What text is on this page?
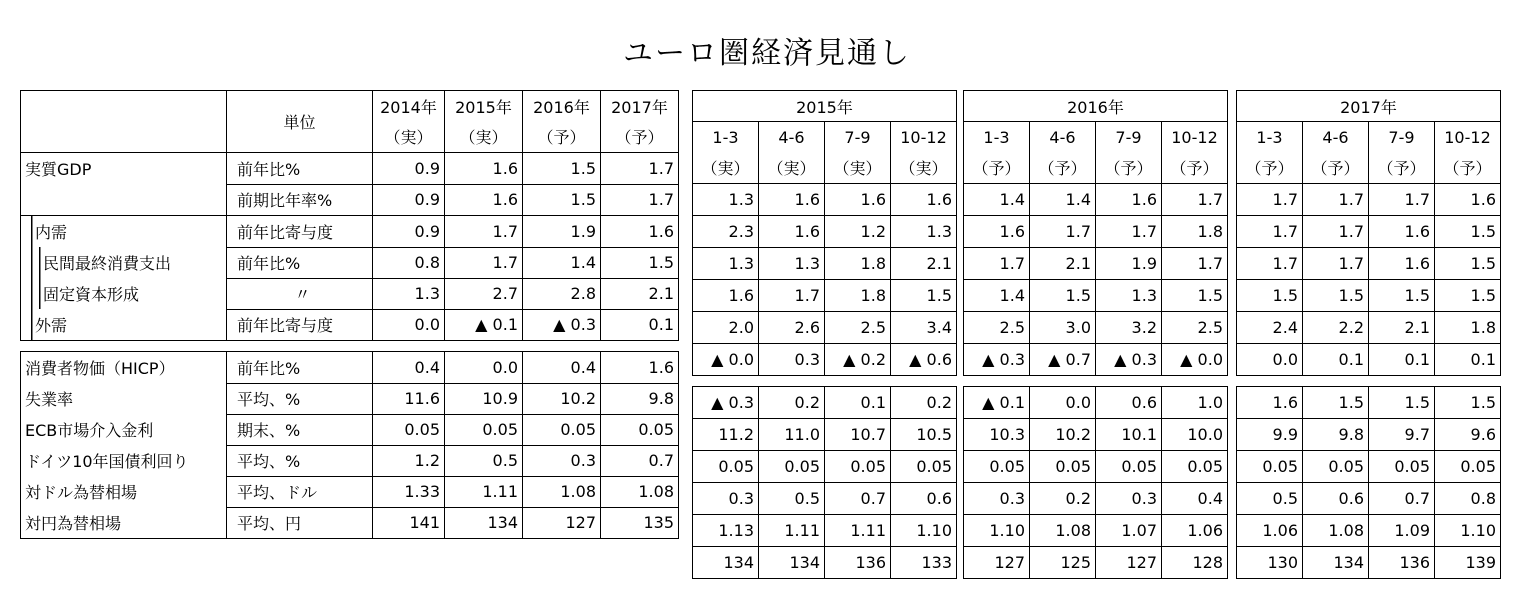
ユーロ圏経済見通し
	単位	2014年	2015年	2016年	2017年

		（実）	（実）	（予）	（予）
実質GDP	前年比%	0.9	1.6	1.5	1.7
	前期比年率%	0.9	1.6	1.5	1.7
内需	前年比寄与度	0.9	1.7	1.9	1.6
民間最終消費支出	前年比%	0.8	1.7	1.4	1.5
固定資本形成	〃	1.3	2.7	2.8	2.1
外需	前年比寄与度	0.0	▲ 0.1	▲ 0.3	0.1

消費者物価（HICP）	前年比%	0.4	0.0	0.4	1.6
失業率	平均、%	11.6	10.9	10.2	9.8
ECB市場介入金利	期末、%	0.05	0.05	0.05	0.05
ドイツ10年国債利回り	平均、%	1.2	0.5	0.3	0.7
対ドル為替相場	平均、ドル	1.33	1.11	1.08	1.08
対円為替相場	平均、円	141	134	127	135
2015年			
1-3	4-6	7-9	10-12
（実）	（実）	（実）	（実）
1.3	1.6	1.6	1.6
2.3	1.6	1.2	1.3
1.3	1.3	1.8	2.1
1.6	1.7	1.8	1.5
2.0	2.6	2.5	3.4
▲ 0.0	0.3	▲ 0.2	▲ 0.6

▲ 0.3	0.2	0.1	0.2
11.2	11.0	10.7	10.5
0.05	0.05	0.05	0.05
0.3	0.5	0.7	0.6
1.13	1.11	1.11	1.10
134	134	136	133
2016年			
1-3	4-6	7-9	10-12
（予）	（予）	（予）	（予）
1.4	1.4	1.6	1.7
1.6	1.7	1.7	1.8
1.7	2.1	1.9	1.7
1.4	1.5	1.3	1.5
2.5	3.0	3.2	2.5
▲ 0.3	▲ 0.7	▲ 0.3	▲ 0.0

▲ 0.1	0.0	0.6	1.0
10.3	10.2	10.1	10.0
0.05	0.05	0.05	0.05
0.3	0.2	0.3	0.4
1.10	1.08	1.07	1.06
127	125	127	128
2017年			
1-3	4-6	7-9	10-12
（予）	（予）	（予）	（予）
1.7	1.7	1.7	1.6
1.7	1.7	1.6	1.5
1.7	1.7	1.6	1.5
1.5	1.5	1.5	1.5
2.4	2.2	2.1	1.8
0.0	0.1	0.1	0.1

1.6	1.5	1.5	1.5
9.9	9.8	9.7	9.6
0.05	0.05	0.05	0.05
0.5	0.6	0.7	0.8
1.06	1.08	1.09	1.10
130	134	136	139
